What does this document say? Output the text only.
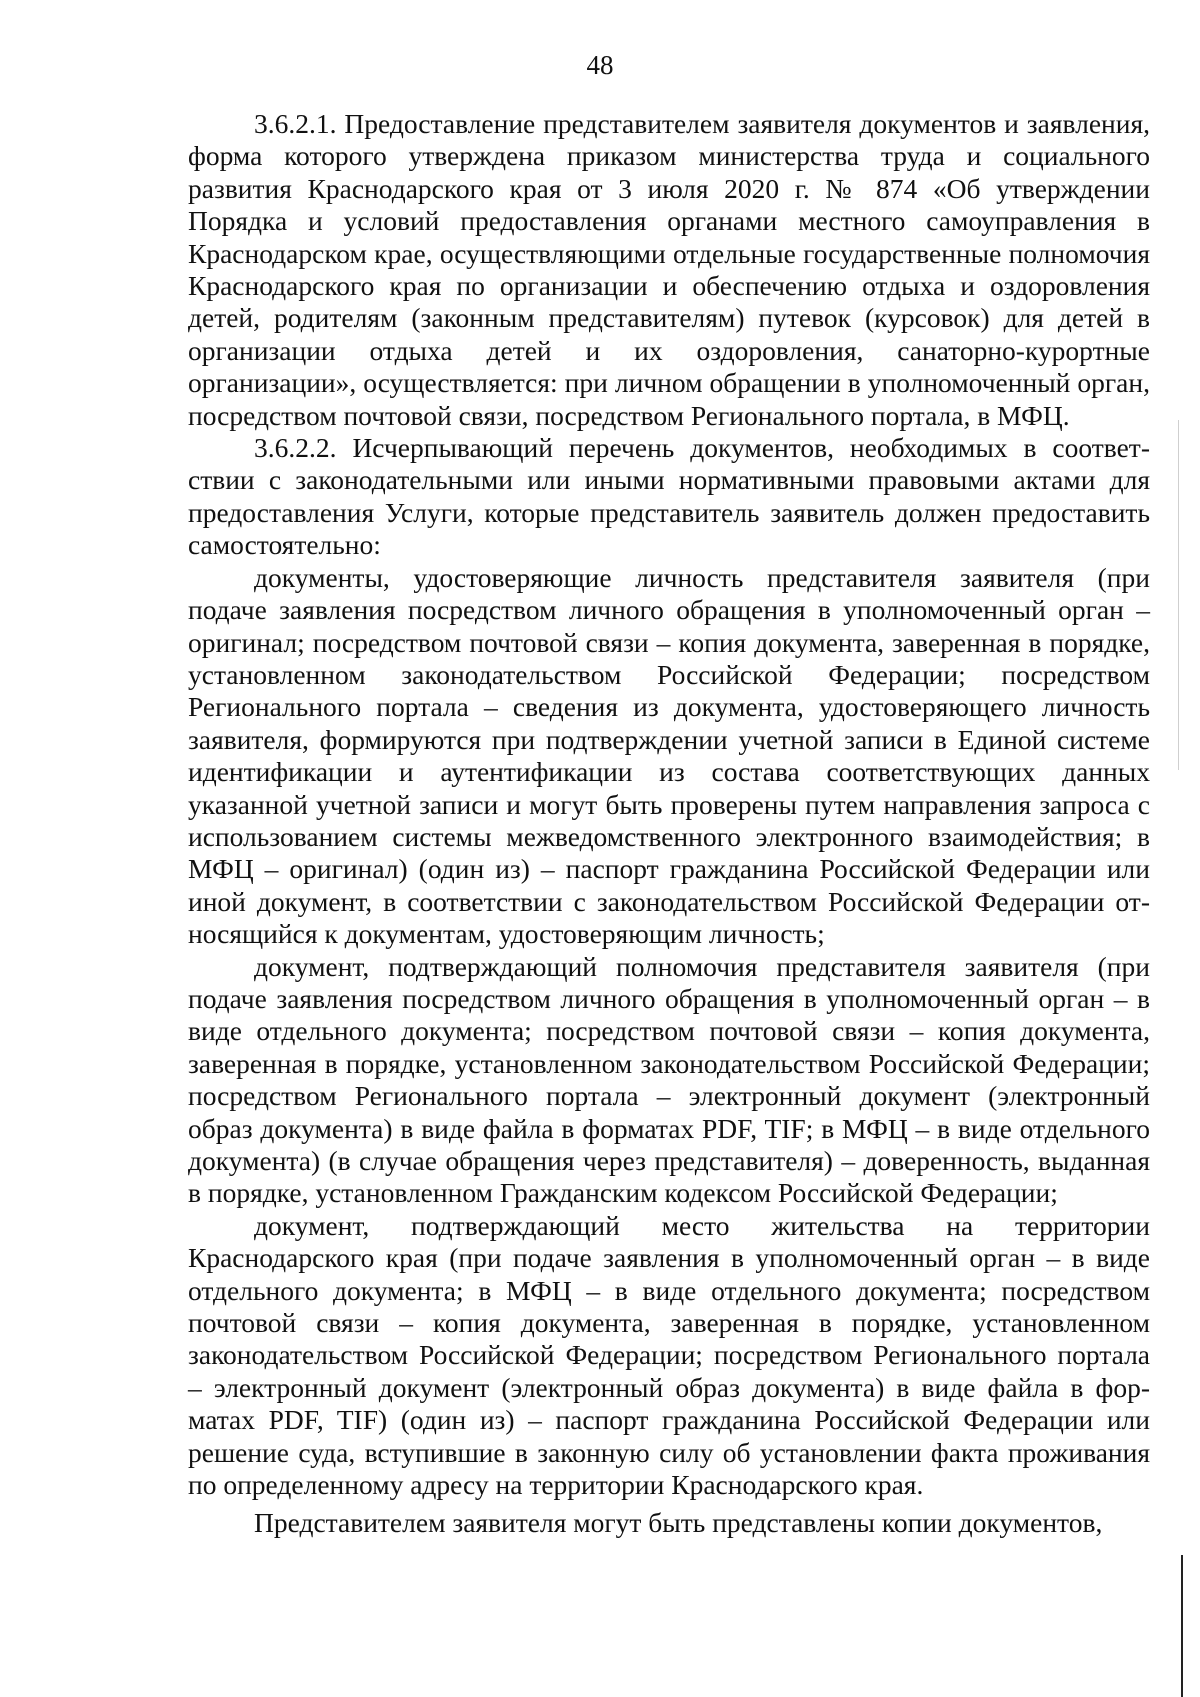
48

3.6.2.1. Предоставление представителем заявителя документов и заявления, форма которого утверждена приказом министерства труда и социального развития Краснодарского края от 3 июля 2020 г. № 874 «Об утверждении Порядка и условий предоставления органами местного самоуправления в Краснодарском крае, осуществляющими отдельные государственные полномочия Краснодарского края по организации и обеспечению отдыха и оздоровления детей, родителям (законным представителям) путевок (курсовок) для детей в организации отдыха детей и их оздоровления, санаторно-курортные организации», осуществляется: при личном обращении в уполномоченный орган, посредством почтовой связи, посредством Регионального портала, в МФЦ.

3.6.2.2. Исчерпывающий перечень документов, необходимых в соответствии с законодательными или иными нормативными правовыми актами для предоставления Услуги, которые представитель заявитель должен предоставить самостоятельно:

документы, удостоверяющие личность представителя заявителя (при подаче заявления посредством личного обращения в уполномоченный орган – оригинал; посредством почтовой связи – копия документа, заверенная в порядке, установленном законодательством Российской Федерации; посредством Регионального портала – сведения из документа, удостоверяющего личность заявителя, формируются при подтверждении учетной записи в Единой системе идентификации и аутентификации из состава соответствующих данных указанной учетной записи и могут быть проверены путем направления запроса с использованием системы межведомственного электронного взаимодействия; в МФЦ – оригинал) (один из) – паспорт гражданина Российской Федерации или иной документ, в соответствии с законодательством Российской Федерации относящийся к документам, удостоверяющим личность;

документ, подтверждающий полномочия представителя заявителя (при подаче заявления посредством личного обращения в уполномоченный орган – в виде отдельного документа; посредством почтовой связи – копия документа, заверенная в порядке, установленном законодательством Российской Федерации; посредством Регионального портала – электронный документ (электронный образ документа) в виде файла в форматах PDF, TIF; в МФЦ – в виде отдельного документа) (в случае обращения через представителя) – доверенность, выданная в порядке, установленном Гражданским кодексом Российской Федерации;

документ, подтверждающий место жительства на территории Краснодарского края (при подаче заявления в уполномоченный орган – в виде отдельного документа; в МФЦ – в виде отдельного документа; посредством почтовой связи – копия документа, заверенная в порядке, установленном законодательством Российской Федерации; посредством Регионального портала – электронный документ (электронный образ документа) в виде файла в форматах PDF, TIF) (один из) – паспорт гражданина Российской Федерации или решение суда, вступившие в законную силу об установлении факта проживания по определенному адресу на территории Краснодарского края.

Представителем заявителя могут быть представлены копии документов,
